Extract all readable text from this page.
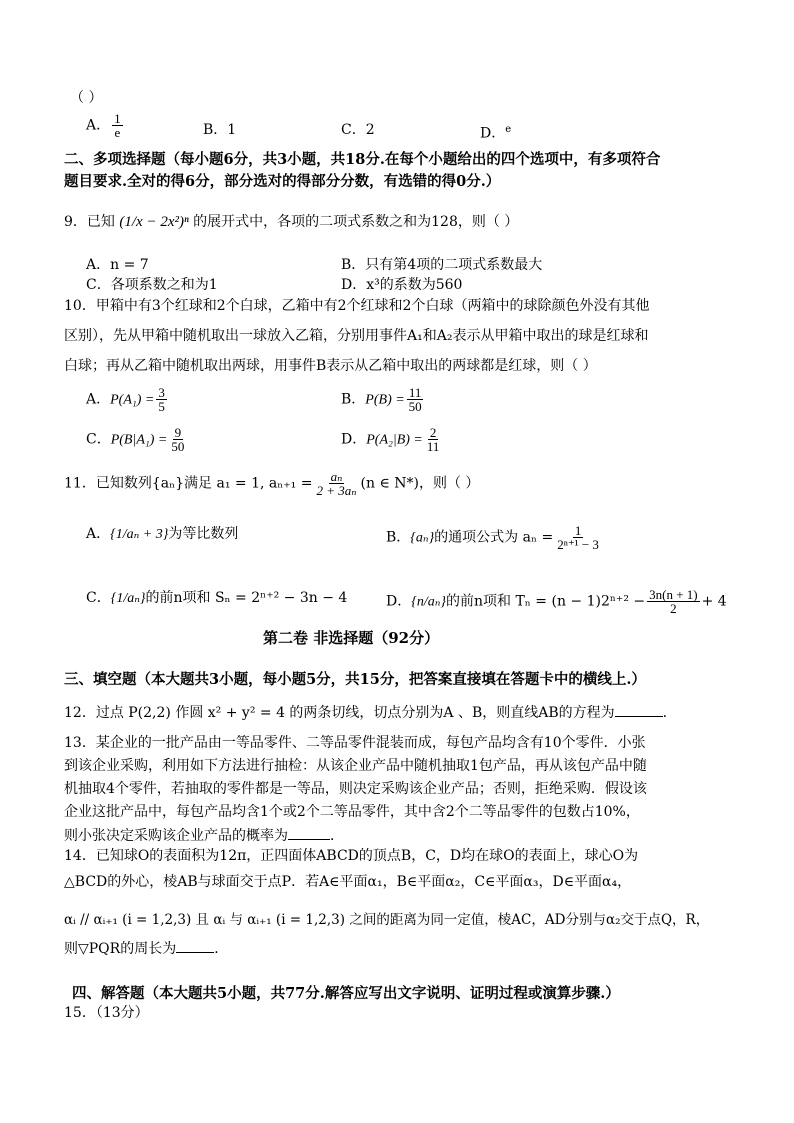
（ ）
A． $\frac{1}{e}$	B．1	C．2	D．$^e$
二、多项选择题（每小题6分，共3小题，共18分.在每个小题给出的四个选项中，有多项符合
题目要求.全对的得6分，部分选对的得部分分数，有选错的得0分.）
9．已知 (1/x − 2x²)ⁿ 的展开式中，各项的二项式系数之和为128，则（ ）
A．n = 7	B．只有第4项的二项式系数最大
C．各项系数之和为1	D．x³的系数为560
10．甲箱中有3个红球和2个白球，乙箱中有2个红球和2个白球（两箱中的球除颜色外没有其他
区别），先从甲箱中随机取出一球放入乙箱，分别用事件A₁和A₂表示从甲箱中取出的球是红球和
白球；再从乙箱中随机取出两球，用事件B表示从乙箱中取出的两球都是红球，则（ ）
A．$P(A_1) = \frac{3}{5}$	B．$P(B) = \frac{11}{50}$
C．$P(B|A_1) = \frac{9}{50}$	D．$P(A_2|B) = \frac{2}{11}$
11．已知数列{aₙ}满足 a₁ = 1, $a_{n+1} = \frac{\text{aₙ}}{\text{2 + 3aₙ}} (n$ ∈ N*)，则（ ）
A．{1/aₙ + 3}为等比数列	B．{aₙ}的通项公式为 $a_n = \frac{1}{\text{2ⁿ⁺¹ − 3}}$
C．{1/aₙ}的前n项和 Sₙ = 2ⁿ⁺² − 3n − 4	D．{n/aₙ}的前n项和 $T_n = (n - 1)2^{n+2} - \frac{3n(n + 1)}{2} + 4$
第二卷 非选择题（92分）
三、填空题（本大题共3小题，每小题5分，共15分，把答案直接填在答题卡中的横线上.）
12．过点 P(2,2) 作圆 x² + y² = 4 的两条切线，切点分别为A 、B，则直线AB的方程为	.
13．某企业的一批产品由一等品零件、二等品零件混装而成，每包产品均含有10个零件．小张
到该企业采购，利用如下方法进行抽检：从该企业产品中随机抽取1包产品，再从该包产品中随
机抽取4个零件，若抽取的零件都是一等品，则决定采购该企业产品；否则，拒绝采购．假设该
企业这批产品中，每包产品均含1个或2个二等品零件，其中含2个二等品零件的包数占10%，
则小张决定采购该企业产品的概率为	．
14．已知球O的表面积为12π，正四面体ABCD的顶点B，C，D均在球O的表面上，球心O为
△BCD的外心，棱AB与球面交于点P．若A∈平面α₁，B∈平面α₂，C∈平面α₃，D∈平面α₄，
αᵢ // αᵢ₊₁ (i = 1,2,3) 且 αᵢ 与 αᵢ₊₁ (i = 1,2,3) 之间的距离为同一定值，棱AC，AD分别与α₂交于点Q，R，
则▽PQR的周长为	．
四、解答题（本大题共5小题，共77分.解答应写出文字说明、证明过程或演算步骤.）
15．（13分）
